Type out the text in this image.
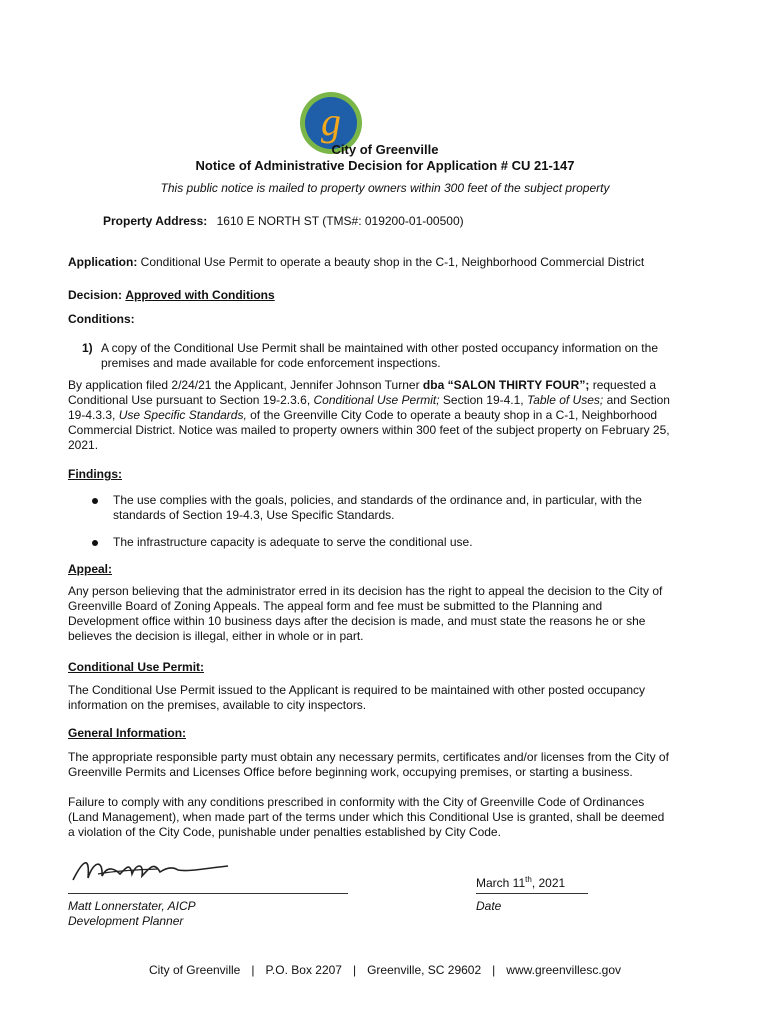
g
City of Greenville
Notice of Administrative Decision for Application # CU 21-147
This public notice is mailed to property owners within 300 feet of the subject property
Property Address: 1610 E NORTH ST (TMS#: 019200-01-00500)
Application: Conditional Use Permit to operate a beauty shop in the C-1, Neighborhood Commercial District
Decision: Approved with Conditions
Conditions:
1) A copy of the Conditional Use Permit shall be maintained with other posted occupancy information on the
premises and made available for code enforcement inspections.
By application filed 2/24/21 the Applicant, Jennifer Johnson Turner dba “SALON THIRTY FOUR”; requested a
Conditional Use pursuant to Section 19-2.3.6, Conditional Use Permit; Section 19-4.1, Table of Uses; and Section
19-4.3.3, Use Specific Standards, of the Greenville City Code to operate a beauty shop in a C-1, Neighborhood
Commercial District. Notice was mailed to property owners within 300 feet of the subject property on February 25,
2021.
Findings:
The use complies with the goals, policies, and standards of the ordinance and, in particular, with the
standards of Section 19-4.3, Use Specific Standards.
The infrastructure capacity is adequate to serve the conditional use.
Appeal:
Any person believing that the administrator erred in its decision has the right to appeal the decision to the City of
Greenville Board of Zoning Appeals. The appeal form and fee must be submitted to the Planning and
Development office within 10 business days after the decision is made, and must state the reasons he or she
believes the decision is illegal, either in whole or in part.
Conditional Use Permit:
The Conditional Use Permit issued to the Applicant is required to be maintained with other posted occupancy
information on the premises, available to city inspectors.
General Information:
The appropriate responsible party must obtain any necessary permits, certificates and/or licenses from the City of
Greenville Permits and Licenses Office before beginning work, occupying premises, or starting a business.
Failure to comply with any conditions prescribed in conformity with the City of Greenville Code of Ordinances
(Land Management), when made part of the terms under which this Conditional Use is granted, shall be deemed
a violation of the City Code, punishable under penalties established by City Code.
Matt Lonnerstater, AICP
Development Planner
March 11th, 2021
Date
City of Greenville | P.O. Box 2207 | Greenville, SC 29602 | www.greenvillesc.gov
